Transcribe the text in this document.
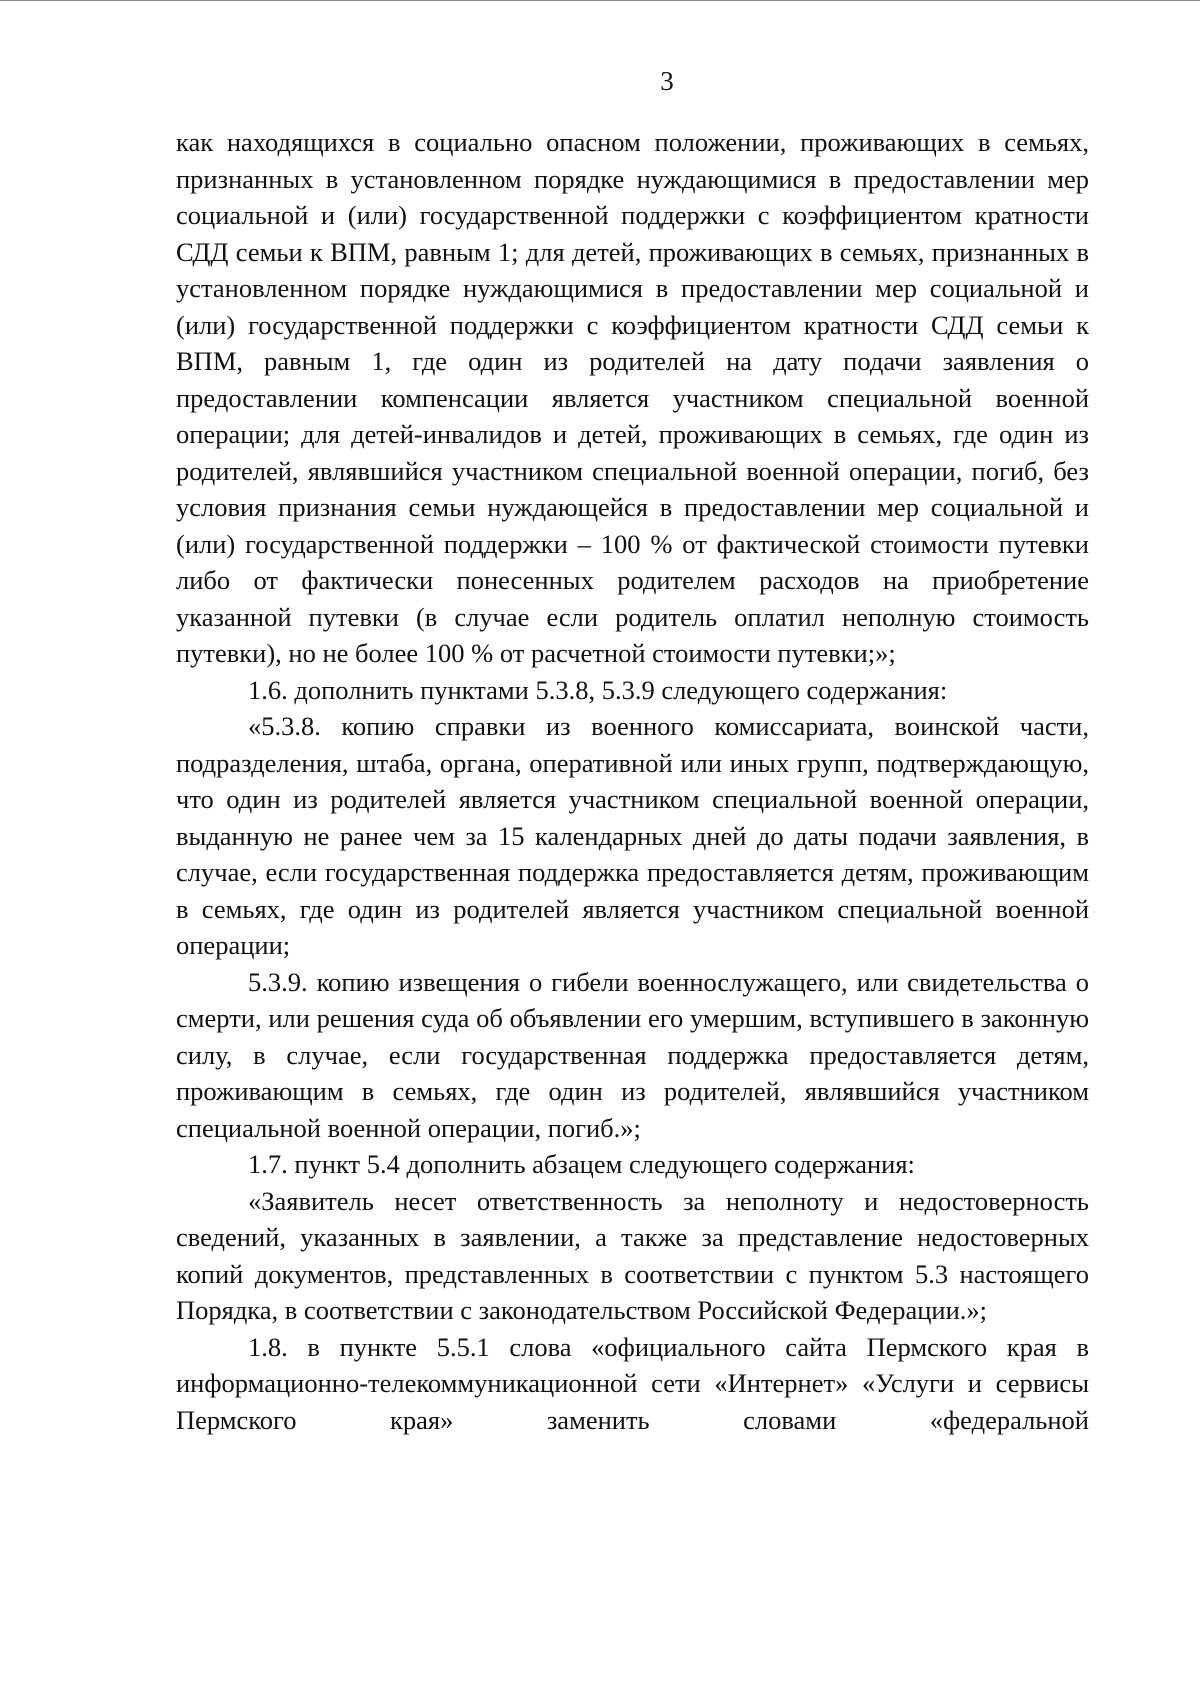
3

как находящихся в социально опасном положении, проживающих в семьях, признанных в установленном порядке нуждающимися в предоставлении мер социальной и (или) государственной поддержки с коэффициентом кратности СДД семьи к ВПМ, равным 1; для детей, проживающих в семьях, признанных в установленном порядке нуждающимися в предоставлении мер социальной и (или) государственной поддержки с коэффициентом кратности СДД семьи к ВПМ, равным 1, где один из родителей на дату подачи заявления о предоставлении компенсации является участником специальной военной операции; для детей-инвалидов и детей, проживающих в семьях, где один из родителей, являвшийся участником специальной военной операции, погиб, без условия признания семьи нуждающейся в предоставлении мер социальной и (или) государственной поддержки – 100 % от фактической стоимости путевки либо от фактически понесенных родителем расходов на приобретение указанной путевки (в случае если родитель оплатил неполную стоимость путевки), но не более 100 % от расчетной стоимости путевки;»;

1.6. дополнить пунктами 5.3.8, 5.3.9 следующего содержания:

«5.3.8. копию справки из военного комиссариата, воинской части, подразделения, штаба, органа, оперативной или иных групп, подтверждающую, что один из родителей является участником специальной военной операции, выданную не ранее чем за 15 календарных дней до даты подачи заявления, в случае, если государственная поддержка предоставляется детям, проживающим в семьях, где один из родителей является участником специальной военной операции;

5.3.9. копию извещения о гибели военнослужащего, или свидетельства о смерти, или решения суда об объявлении его умершим, вступившего в законную силу, в случае, если государственная поддержка предоставляется детям, проживающим в семьях, где один из родителей, являвшийся участником специальной военной операции, погиб.»;

1.7. пункт 5.4 дополнить абзацем следующего содержания:

«Заявитель несет ответственность за неполноту и недостоверность сведений, указанных в заявлении, а также за представление недостоверных копий документов, представленных в соответствии с пунктом 5.3 настоящего Порядка, в соответствии с законодательством Российской Федерации.»;

1.8. в пункте 5.5.1 слова «официального сайта Пермского края в информационно-телекоммуникационной сети «Интернет» «Услуги и сервисы Пермского края» заменить словами «федеральной
